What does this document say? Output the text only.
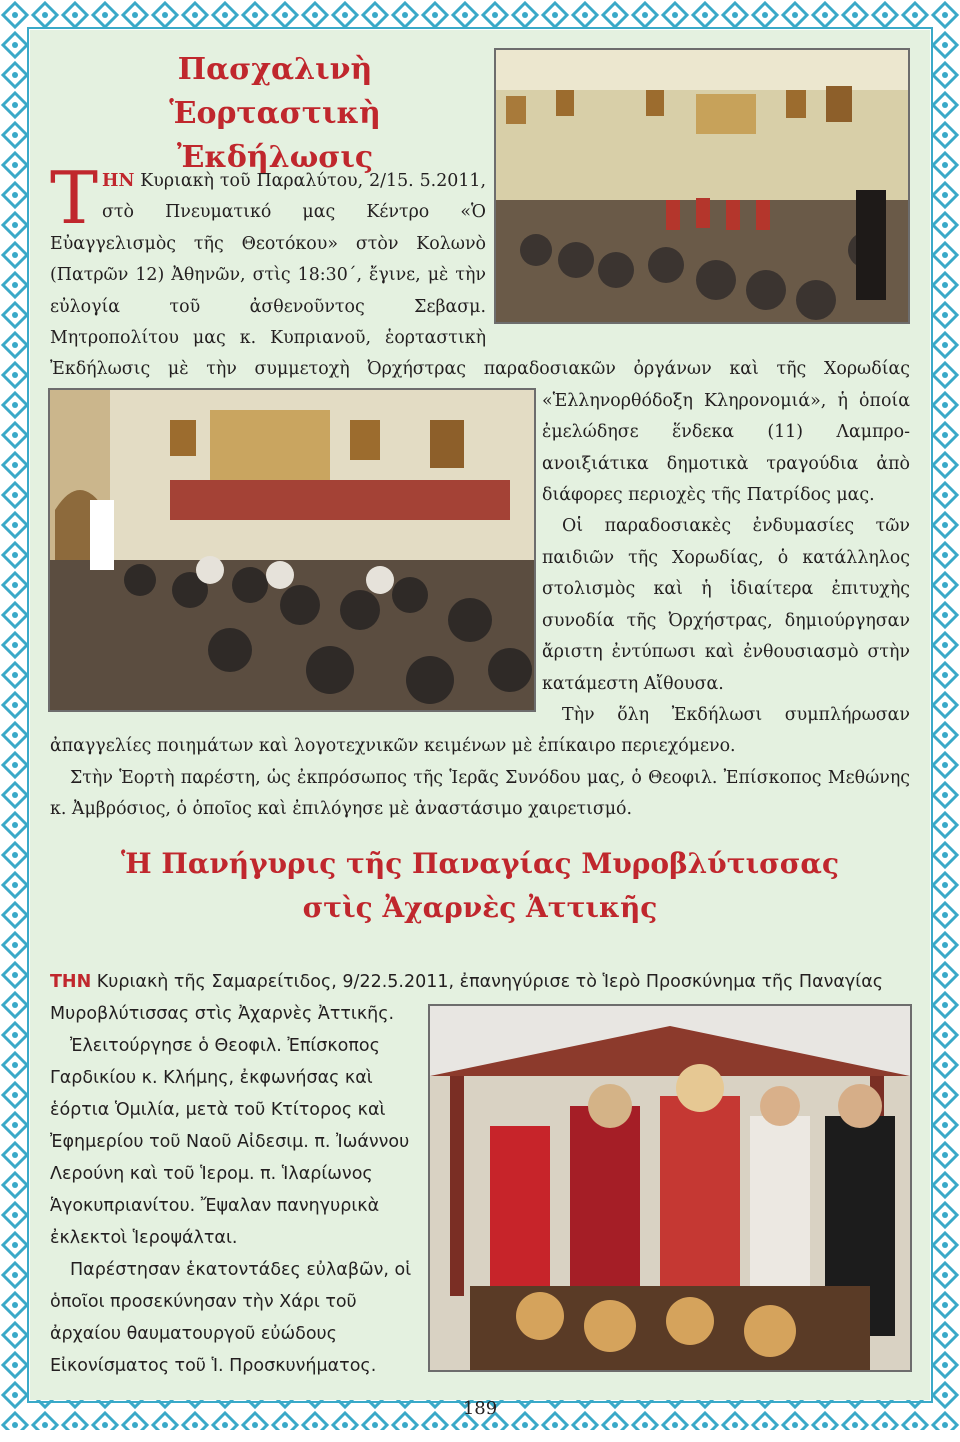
Πασχαλινὴ Ἑορταστικὴ Ἐκδήλωσις

ΤΗΝ Κυριακὴ τοῦ Παραλύτου, 2/15. 5.2011, στὸ Πνευματικό μας Κέντρο «Ὁ Εὐαγγελισμὸς τῆς Θεοτόκου» στὸν Κολωνὸ (Πατρῶν 12) Ἀθηνῶν, στὶς 18:30΄, ἔγινε, μὲ τὴν εὐλογία τοῦ ἀσθενοῦντος Σεβασμ. Μητροπολίτου μας κ. Κυπριανοῦ, ἑορταστικὴ Ἐκδήλωσις μὲ τὴν συμμετοχὴ Ὀρχήστρας παραδοσιακῶν ὀργάνων καὶ τῆς Χορωδίας «Ἑλληνορθόδοξη Κληρονομιά»,
ἡ ὁποία ἐμελώδησε ἕνδεκα (11) Λαμπρο-ανοιξιάτικα δημοτικὰ τραγούδια ἀπὸ διάφορες περιοχὲς τῆς Πατρίδος μας.

Οἱ παραδοσιακὲς ἐνδυμασίες τῶν παιδιῶν τῆς Χορωδίας, ὁ κατάλληλος στολισμὸς καὶ ἡ ἰδιαίτερα ἐπιτυχὴς συνοδία τῆς Ὀρχήστρας, δημιούργησαν ἄριστη ἐντύπωσι καὶ ἐνθουσιασμὸ στὴν κατάμεστη Αἴθουσα.

Τὴν ὅλη Ἐκδήλωσι συμπλήρωσαν ἀπαγγελίες ποιημάτων καὶ λογοτεχνικῶν κειμένων μὲ ἐπίκαιρο περιεχόμενο.

Στὴν Ἑορτὴ παρέστη, ὡς ἐκπρόσωπος τῆς Ἱερᾶς Συνόδου μας, ὁ Θεοφιλ. Ἐπίσκοπος Μεθώνης κ. Ἀμβρόσιος, ὁ ὁποῖος καὶ ἐπιλόγησε μὲ ἀναστάσιμο χαιρετισμό.

Ἡ Πανήγυρις τῆς Παναγίας Μυροβλύτισσας
στὶς Ἀχαρνὲς Ἀττικῆς

ΤΗΝ Κυριακὴ τῆς Σαμαρείτιδος, 9/22.5.2011, ἐπανηγύρισε τὸ Ἱερὸ Προσκύνημα τῆς Παναγίας Μυροβλύτισσας στὶς Ἀχαρνὲς Ἀττικῆς.

Ἐλειτούργησε ὁ Θεοφιλ. Ἐπίσκοπος Γαρδικίου κ. Κλήμης, ἐκφωνήσας καὶ ἑόρτια Ὁμιλία, μετὰ τοῦ Κτίτορος καὶ Ἐφημερίου τοῦ Ναοῦ Αἰδεσιμ. π. Ἰωάννου Λερούνη καὶ τοῦ Ἱερομ. π. Ἱλαρίωνος Ἁγοκυπριανίτου. Ἔψαλαν πανηγυρικὰ ἐκλεκτοὶ Ἱεροψάλται.

Παρέστησαν ἑκατοντάδες εὐλαβῶν, οἱ ὁποῖοι προσεκύνησαν τὴν Χάρι τοῦ ἀρχαίου θαυματουργοῦ εὐώδους Εἰκονίσματος τοῦ Ἱ. Προσκυνήματος.

189
